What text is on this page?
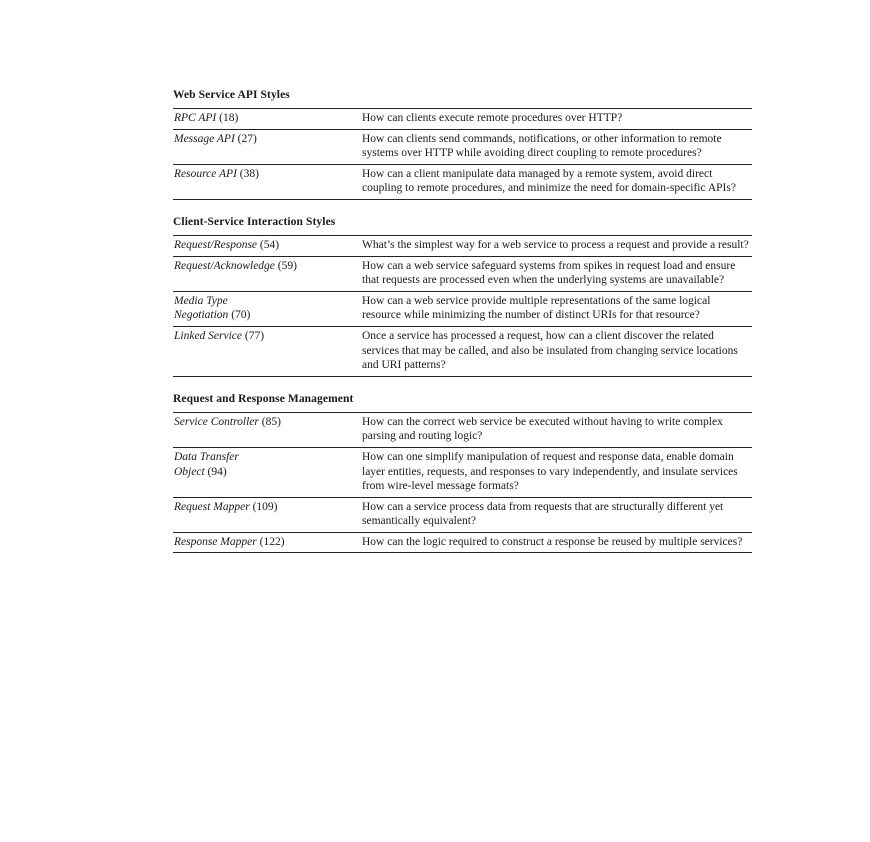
Web Service API Styles
RPC API ( 18 )	How can clients execute remote procedures over HTTP?
Message API ( 27 )	How can clients send commands, notifications, or other information to remote systems over HTTP while avoiding direct coupling to remote procedures?
Resource API ( 38 )	How can a client manipulate data managed by a remote system, avoid direct coupling to remote procedures, and minimize the need for domain-specific APIs?
Client-Service Interaction Styles
Request/Response ( 54 )	What’s the simplest way for a web service to process a request and provide a result?
Request/Acknowledge ( 59 )	How can a web service safeguard systems from spikes in request load and ensure that requests are processed even when the underlying systems are unavailable?
Media Type Negotiation ( 70 )	How can a web service provide multiple representations of the same logical resource while minimizing the number of distinct URIs for that resource?
Linked Service ( 77 )	Once a service has processed a request, how can a client discover the related services that may be called, and also be insulated from changing service locations and URI patterns?
Request and Response Management
Service Controller ( 85 )	How can the correct web service be executed without having to write complex parsing and routing logic?
Data Transfer Object ( 94 )	How can one simplify manipulation of request and response data, enable domain layer entities, requests, and responses to vary independently, and insulate services from wire-level message formats?
Request Mapper ( 109 )	How can a service process data from requests that are structurally different yet semantically equivalent?
Response Mapper ( 122 )	How can the logic required to construct a response be reused by multiple services?
